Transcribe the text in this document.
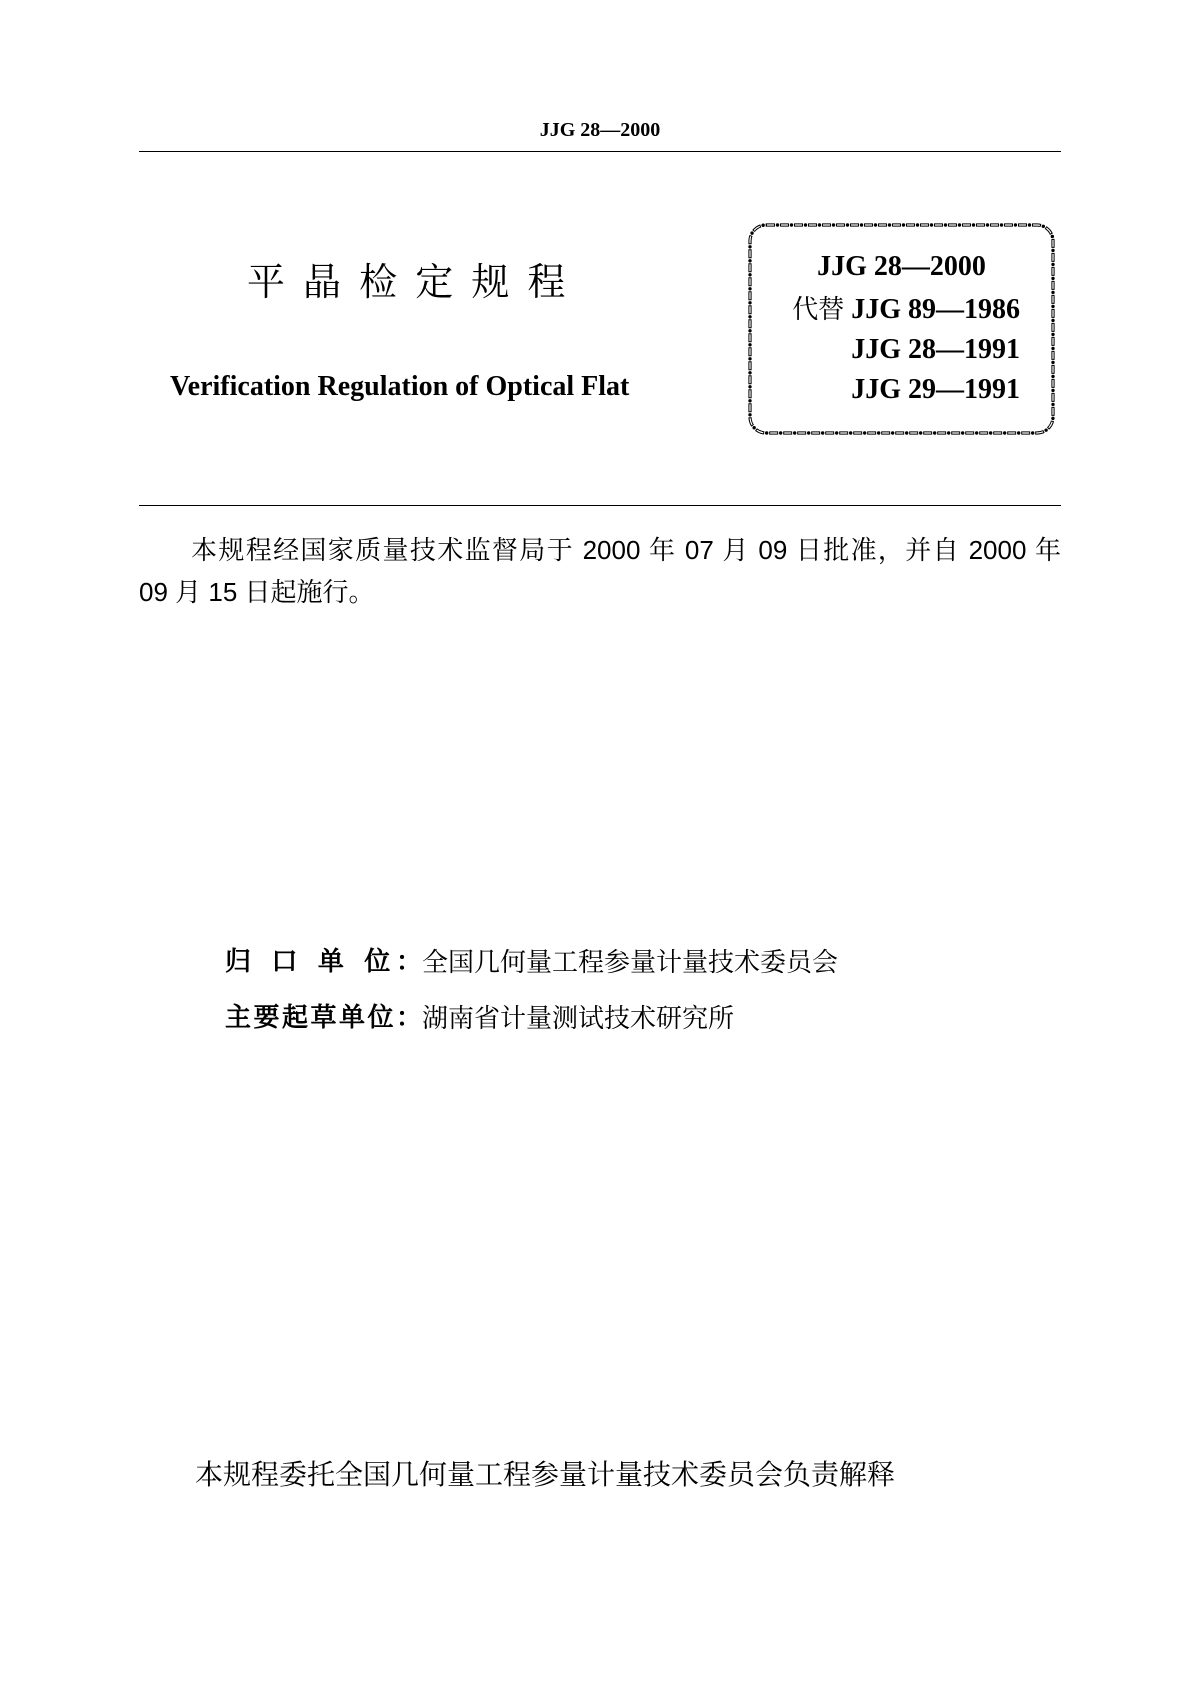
JJG 28—2000
平 晶 检 定 规 程
Verification Regulation of Optical Flat
JJG 28—2000
代替 JJG 89—1986
JJG 28—1991
JJG 29—1991
本规程经国家质量技术监督局于 2000 年 07 月 09 日批准，并自 2000 年
09 月 15 日起施行。
归 口 单 位：全国几何量工程参量计量技术委员会
主要起草单位：湖南省计量测试技术研究所
本规程委托全国几何量工程参量计量技术委员会负责解释
